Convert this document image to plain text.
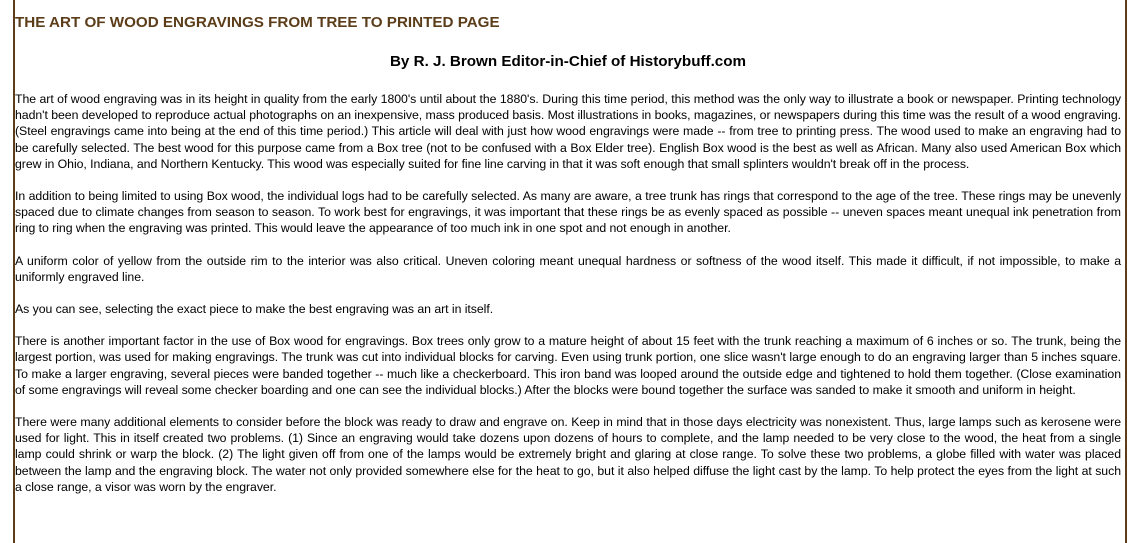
THE ART OF WOOD ENGRAVINGS FROM TREE TO PRINTED PAGE
By R. J. Brown Editor-in-Chief of Historybuff.com

The art of wood engraving was in its height in quality from the early 1800's until about the 1880's. During this time period, this method was the only way to illustrate a book or newspaper. Printing technology hadn't been developed to reproduce actual photographs on an inexpensive, mass produced basis. Most illustrations in books, magazines, or newspapers during this time was the result of a wood engraving. (Steel engravings came into being at the end of this time period.) This article will deal with just how wood engravings were made -- from tree to printing press. The wood used to make an engraving had to be carefully selected. The best wood for this purpose came from a Box tree (not to be confused with a Box Elder tree). English Box wood is the best as well as African. Many also used American Box which grew in Ohio, Indiana, and Northern Kentucky. This wood was especially suited for fine line carving in that it was soft enough that small splinters wouldn't break off in the process.

In addition to being limited to using Box wood, the individual logs had to be carefully selected. As many are aware, a tree trunk has rings that correspond to the age of the tree. These rings may be unevenly spaced due to climate changes from season to season. To work best for engravings, it was important that these rings be as evenly spaced as possible -- uneven spaces meant unequal ink penetration from ring to ring when the engraving was printed. This would leave the appearance of too much ink in one spot and not enough in another.

A uniform color of yellow from the outside rim to the interior was also critical. Uneven coloring meant unequal hardness or softness of the wood itself. This made it difficult, if not impossible, to make a uniformly engraved line.

As you can see, selecting the exact piece to make the best engraving was an art in itself.

There is another important factor in the use of Box wood for engravings. Box trees only grow to a mature height of about 15 feet with the trunk reaching a maximum of 6 inches or so. The trunk, being the largest portion, was used for making engravings. The trunk was cut into individual blocks for carving. Even using trunk portion, one slice wasn't large enough to do an engraving larger than 5 inches square. To make a larger engraving, several pieces were banded together -- much like a checkerboard. This iron band was looped around the outside edge and tightened to hold them together. (Close examination of some engravings will reveal some checker boarding and one can see the individual blocks.) After the blocks were bound together the surface was sanded to make it smooth and uniform in height.

There were many additional elements to consider before the block was ready to draw and engrave on. Keep in mind that in those days electricity was nonexistent. Thus, large lamps such as kerosene were used for light. This in itself created two problems. (1) Since an engraving would take dozens upon dozens of hours to complete, and the lamp needed to be very close to the wood, the heat from a single lamp could shrink or warp the block. (2) The light given off from one of the lamps would be extremely bright and glaring at close range. To solve these two problems, a globe filled with water was placed between the lamp and the engraving block. The water not only provided somewhere else for the heat to go, but it also helped diffuse the light cast by the lamp. To help protect the eyes from the light at such a close range, a visor was worn by the engraver.
